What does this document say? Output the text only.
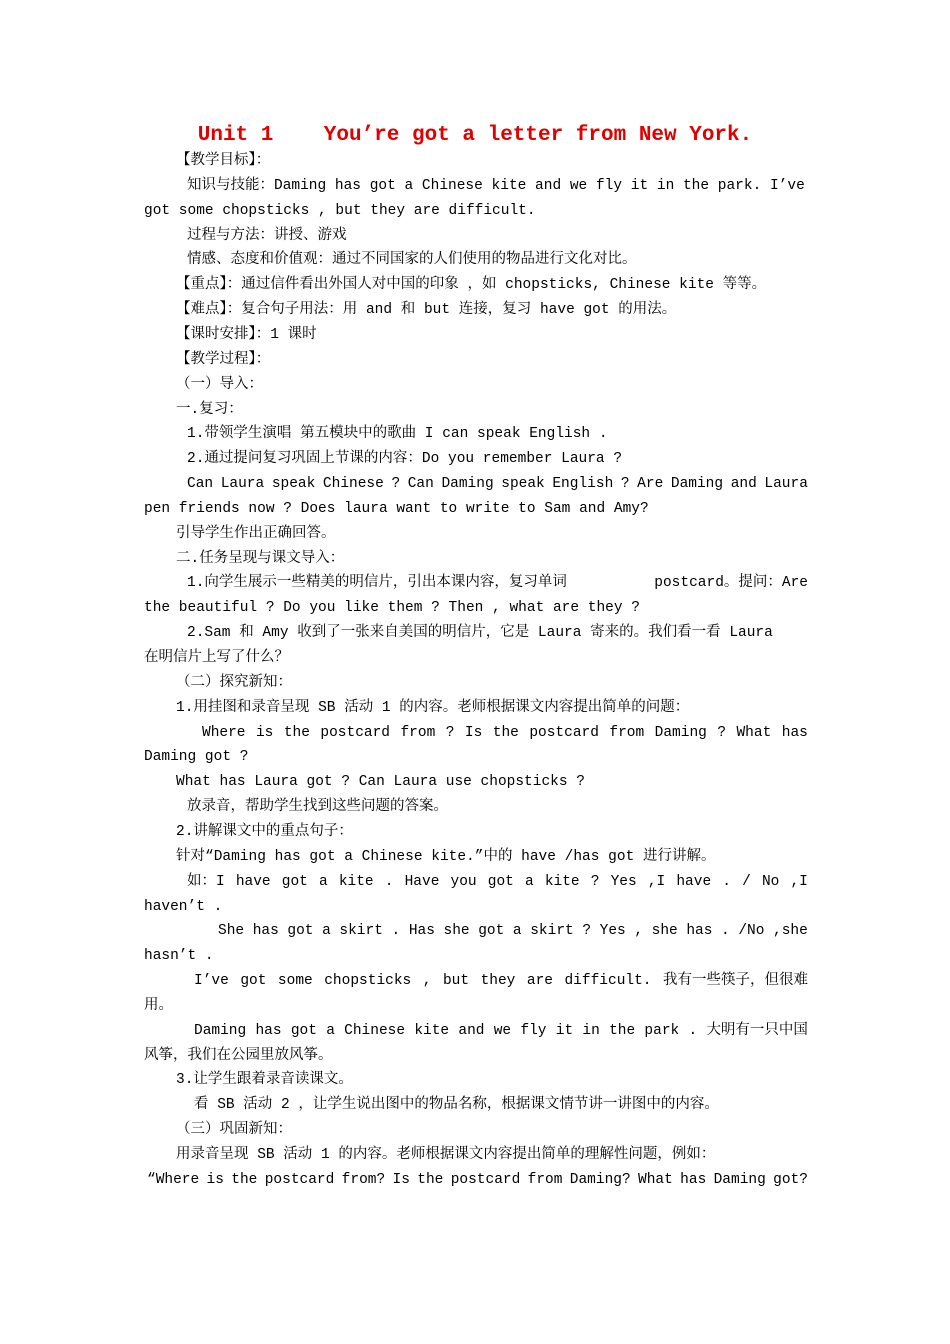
Unit 1    You’re got a letter from New York.
【教学目标】：
知识与技能：Daming has got a Chinese kite and we fly it in the park. I’ve
got some chopsticks , but they are difficult.
过程与方法：讲授、游戏
情感、态度和价值观：通过不同国家的人们使用的物品进行文化对比。
【重点】：通过信件看出外国人对中国的印象 ，如 chopsticks, Chinese kite 等等。
【难点】：复合句子用法：用 and 和 but 连接，复习 have got 的用法。
【课时安排】：1 课时
【教学过程】：
（一）导入：
一.复习：
1.带领学生演唱 第五模块中的歌曲 I can speak English .
2.通过提问复习巩固上节课的内容：Do you remember Laura ?
Can Laura speak Chinese ? Can Daming speak English ? Are Daming and Laura
pen friends now ? Does laura want to write to Sam and Amy?
引导学生作出正确回答。
二.任务呈现与课文导入：
1.向学生展示一些精美的明信片，引出本课内容，复习单词	postcard。提问：Are
the beautiful ? Do you like them ? Then , what are they ?
2.Sam 和 Amy 收到了一张来自美国的明信片，它是 Laura 寄来的。我们看一看 Laura
在明信片上写了什么？
（二）探究新知：
1.用挂图和录音呈现 SB 活动 1 的内容。老师根据课文内容提出简单的问题：
Where is the postcard from ? Is the postcard from Daming ? What has
Daming got ?
What has Laura got ? Can Laura use chopsticks ?
放录音，帮助学生找到这些问题的答案。
2.讲解课文中的重点句子：
针对“Daming has got a Chinese kite.”中的 have /has got 进行讲解。
如：I have got a kite . Have you got a kite ? Yes ,I have . / No ,I
haven’t .
She has got a skirt . Has she got a skirt ? Yes , she has . /No ,she
hasn’t .
I’ve got some chopsticks , but they are difficult. 我有一些筷子，但很难
用。
Daming has got a Chinese kite and we fly it in the park . 大明有一只中国
风筝，我们在公园里放风筝。
3.让学生跟着录音读课文。
看 SB 活动 2 ，让学生说出图中的物品名称，根据课文情节讲一讲图中的内容。
（三）巩固新知：
用录音呈现 SB 活动 1 的内容。老师根据课文内容提出简单的理解性问题，例如：
“Where is the postcard from? Is the postcard from Daming? What has Daming got?
